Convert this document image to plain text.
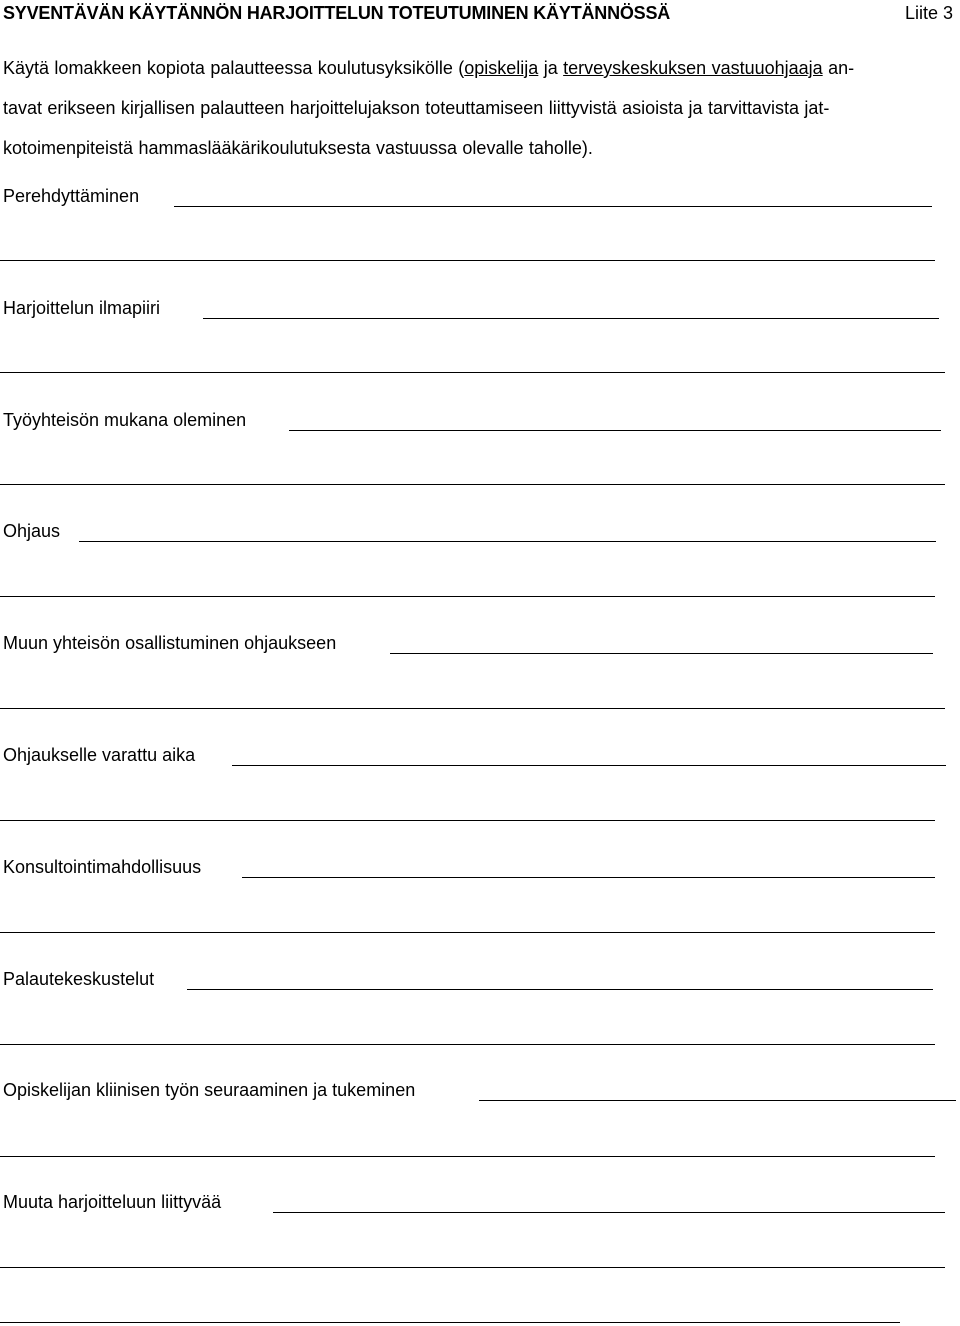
SYVENTÄVÄN KÄYTÄNNÖN HARJOITTELUN TOTEUTUMINEN KÄYTÄNNÖSSÄ	Liite 3
Käytä lomakkeen kopiota palautteessa koulutusyksikölle (opiskelija ja terveyskeskuksen vastuuohjaaja an-
tavat erikseen kirjallisen palautteen harjoittelujakson toteuttamiseen liittyvistä asioista ja tarvittavista jat-
kotoimenpiteistä hammaslääkärikoulutuksesta vastuussa olevalle taholle).
Perehdyttäminen
Harjoittelun ilmapiiri
Työyhteisön mukana oleminen
Ohjaus
Muun yhteisön osallistuminen ohjaukseen
Ohjaukselle varattu aika
Konsultointimahdollisuus
Palautekeskustelut
Opiskelijan kliinisen työn seuraaminen ja tukeminen
Muuta harjoitteluun liittyvää
